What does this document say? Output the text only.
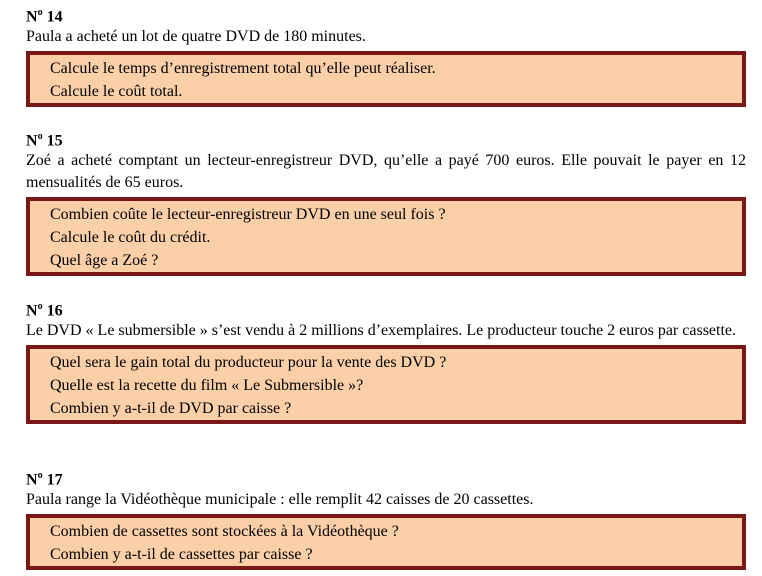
$N^o$ 14
Paula a acheté un lot de quatre DVD de 180 minutes.
Calcule le temps d’enregistrement total qu’elle peut réaliser.
Calcule le coût total.
$N^o$ 15
Zoé a acheté comptant un lecteur-enregistreur DVD, qu’elle a payé 700 euros. Elle pouvait le payer en 12 mensualités de 65 euros.
Combien coûte le lecteur-enregistreur DVD en une seul fois ?
Calcule le coût du crédit.
Quel âge a Zoé ?
$N^o$ 16
Le DVD « Le submersible » s’est vendu à 2 millions d’exemplaires. Le producteur touche 2 euros par cassette.
Quel sera le gain total du producteur pour la vente des DVD ?
Quelle est la recette du film « Le Submersible »?
Combien y a-t-il de DVD par caisse ?
$N^o$ 17
Paula range la Vidéothèque municipale : elle remplit 42 caisses de 20 cassettes.
Combien de cassettes sont stockées à la Vidéothèque ?
Combien y a-t-il de cassettes par caisse ?
